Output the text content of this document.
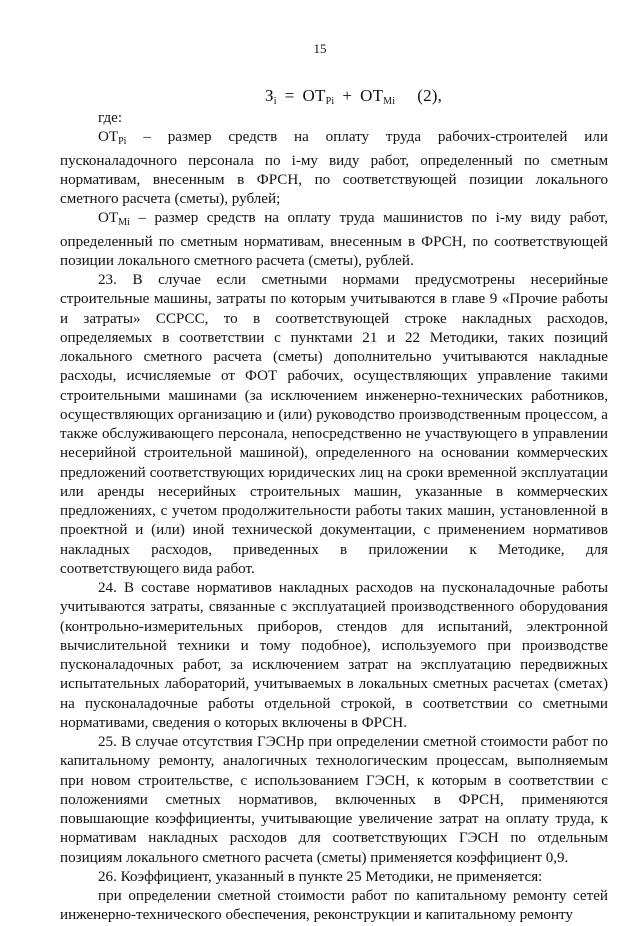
15
$З_i = ОТ_{Рi} + ОТ_{Мi}$ (2),

где:

$ОТ_{Рi}$ – размер средств на оплату труда рабочих-строителей или пусконаладочного персонала по i-му виду работ, определенный по сметным нормативам, внесенным в ФРСН, по соответствующей позиции локального сметного расчета (сметы), рублей;

$ОТ_{Мi}$ – размер средств на оплату труда машинистов по i-му виду работ, определенный по сметным нормативам, внесенным в ФРСН, по соответствующей позиции локального сметного расчета (сметы), рублей.

23. В случае если сметными нормами предусмотрены несерийные строительные машины, затраты по которым учитываются в главе 9 «Прочие работы и затраты» ССРСС, то в соответствующей строке накладных расходов, определяемых в соответствии с пунктами 21 и 22 Методики, таких позиций локального сметного расчета (сметы) дополнительно учитываются накладные расходы, исчисляемые от ФОТ рабочих, осуществляющих управление такими строительными машинами (за исключением инженерно-технических работников, осуществляющих организацию и (или) руководство производственным процессом, а также обслуживающего персонала, непосредственно не участвующего в управлении несерийной строительной машиной), определенного на основании коммерческих предложений соответствующих юридических лиц на сроки временной эксплуатации или аренды несерийных строительных машин, указанные в коммерческих предложениях, с учетом продолжительности работы таких машин, установленной в проектной и (или) иной технической документации, с применением нормативов накладных расходов, приведенных в приложении к Методике, для соответствующего вида работ.

24. В составе нормативов накладных расходов на пусконаладочные работы учитываются затраты, связанные с эксплуатацией производственного оборудования (контрольно-измерительных приборов, стендов для испытаний, электронной вычислительной техники и тому подобное), используемого при производстве пусконаладочных работ, за исключением затрат на эксплуатацию передвижных испытательных лабораторий, учитываемых в локальных сметных расчетах (сметах) на пусконаладочные работы отдельной строкой, в соответствии со сметными нормативами, сведения о которых включены в ФРСН.

25. В случае отсутствия ГЭСНр при определении сметной стоимости работ по капитальному ремонту, аналогичных технологическим процессам, выполняемым при новом строительстве, с использованием ГЭСН, к которым в соответствии с положениями сметных нормативов, включенных в ФРСН, применяются повышающие коэффициенты, учитывающие увеличение затрат на оплату труда, к нормативам накладных расходов для соответствующих ГЭСН по отдельным позициям локального сметного расчета (сметы) применяется коэффициент 0,9.

26. Коэффициент, указанный в пункте 25 Методики, не применяется:

при определении сметной стоимости работ по капитальному ремонту сетей инженерно-технического обеспечения, реконструкции и капитальному ремонту
